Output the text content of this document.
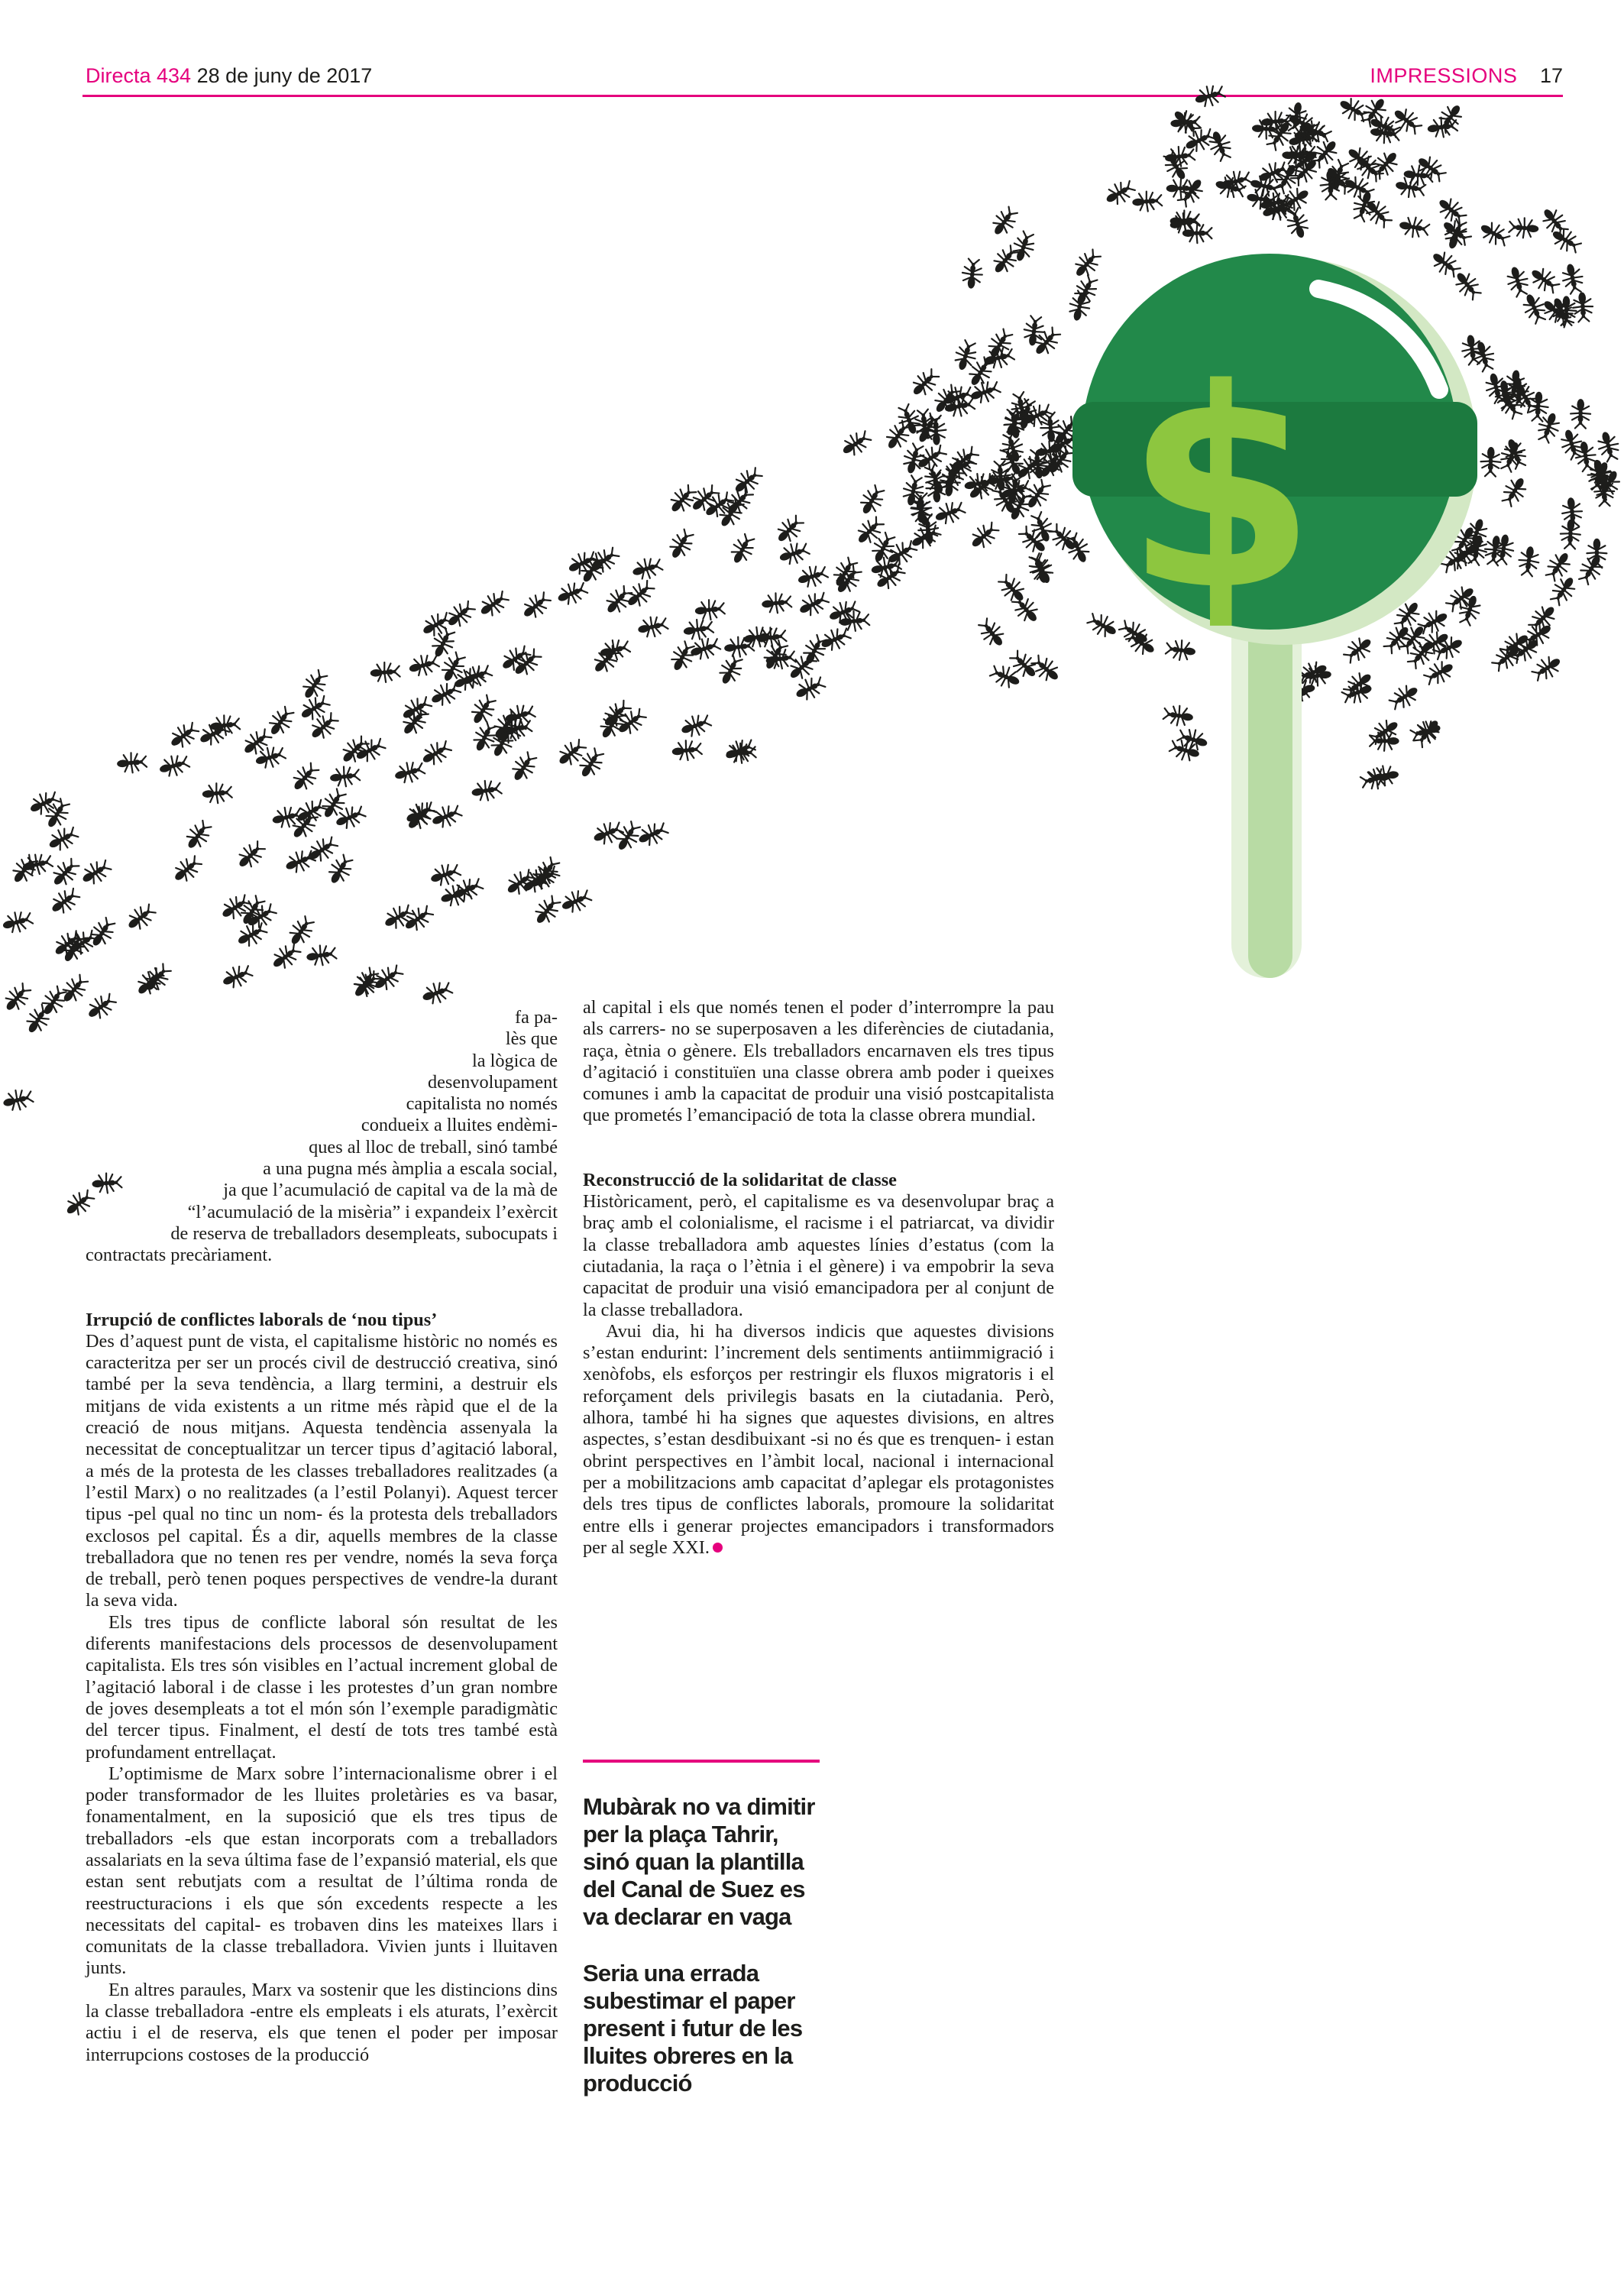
Directa 434 28 de juny de 2017	IMPRESSIONS 17
$
fa pa-
lès que
la lògica de
desenvolupament
capitalista no només
condueix a lluites endèmi-
ques al lloc de treball, sinó també
a una pugna més àmplia a escala social,
ja que l’acumulació de capital va de la mà de
“l’acumulació de la misèria” i expandeix l’exèrcit
de reserva de treballadors desempleats, subocupats i
contractats precàriament.
Irrupció de conflictes laborals de ‘nou tipus’

Des d’aquest punt de vista, el capitalisme històric no només es caracteritza per ser un procés civil de destrucció creativa, sinó també per la seva tendència, a llarg termini, a destruir els mitjans de vida existents a un ritme més ràpid que el de la creació de nous mitjans. Aquesta tendència assenyala la necessitat de conceptualitzar un tercer tipus d’agitació laboral, a més de la protesta de les classes treballadores realitzades (a l’estil Marx) o no realitzades (a l’estil Polanyi). Aquest tercer tipus -pel qual no tinc un nom- és la protesta dels treballadors exclosos pel capital. És a dir, aquells membres de la classe treballadora que no tenen res per vendre, només la seva força de treball, però tenen poques perspectives de vendre-la durant la seva vida.

Els tres tipus de conflicte laboral són resultat de les diferents manifestacions dels processos de desenvolupament capitalista. Els tres són visibles en l’actual increment global de l’agitació laboral i de classe i les protestes d’un gran nombre de joves desempleats a tot el món són l’exemple paradigmàtic del tercer tipus. Finalment, el destí de tots tres també està profundament entrellaçat.

L’optimisme de Marx sobre l’internacionalisme obrer i el poder transformador de les lluites proletàries es va basar, fonamentalment, en la suposició que els tres tipus de treballadors -els que estan incorporats com a treballadors assalariats en la seva última fase de l’expansió material, els que estan sent rebutjats com a resultat de l’última ronda de reestructuracions i els que són excedents respecte a les necessitats del capital- es trobaven dins les mateixes llars i comunitats de la classe treballadora. Vivien junts i lluitaven junts.

En altres paraules, Marx va sostenir que les distincions dins la classe treballadora -entre els empleats i els aturats, l’exèrcit actiu i el de reserva, els que tenen el poder per imposar interrupcions costoses de la producció

al capital i els que només tenen el poder d’interrompre la pau als carrers- no se superposaven a les diferències de ciutadania, raça, ètnia o gènere. Els treballadors encarnaven els tres tipus d’agitació i constituïen una classe obrera amb poder i queixes comunes i amb la capacitat de produir una visió postcapitalista que prometés l’emancipació de tota la classe obrera mundial.

Reconstrucció de la solidaritat de classe

Històricament, però, el capitalisme es va desenvolupar braç a braç amb el colonialisme, el racisme i el patriarcat, va dividir la classe treballadora amb aquestes línies d’estatus (com la ciutadania, la raça o l’ètnia i el gènere) i va empobrir la seva capacitat de produir una visió emancipadora per al conjunt de la classe treballadora.

Avui dia, hi ha diversos indicis que aquestes divisions s’estan endurint: l’increment dels sentiments antiimmigració i xenòfobs, els esforços per restringir els fluxos migratoris i el reforçament dels privilegis basats en la ciutadania. Però, alhora, també hi ha signes que aquestes divisions, en altres aspectes, s’estan desdibuixant -si no és que es trenquen- i estan obrint perspectives en l’àmbit local, nacional i internacional per a mobilitzacions amb capacitat d’aplegar els protagonistes dels tres tipus de conflictes laborals, promoure la solidaritat entre ells i generar projectes emancipadors i transformadors per al segle XXI.

Mubàrak no va dimitir per la plaça Tahrir, sinó quan la plantilla del Canal de Suez es va declarar en vaga

Seria una errada subestimar el paper present i futur de les lluites obreres en la producció
